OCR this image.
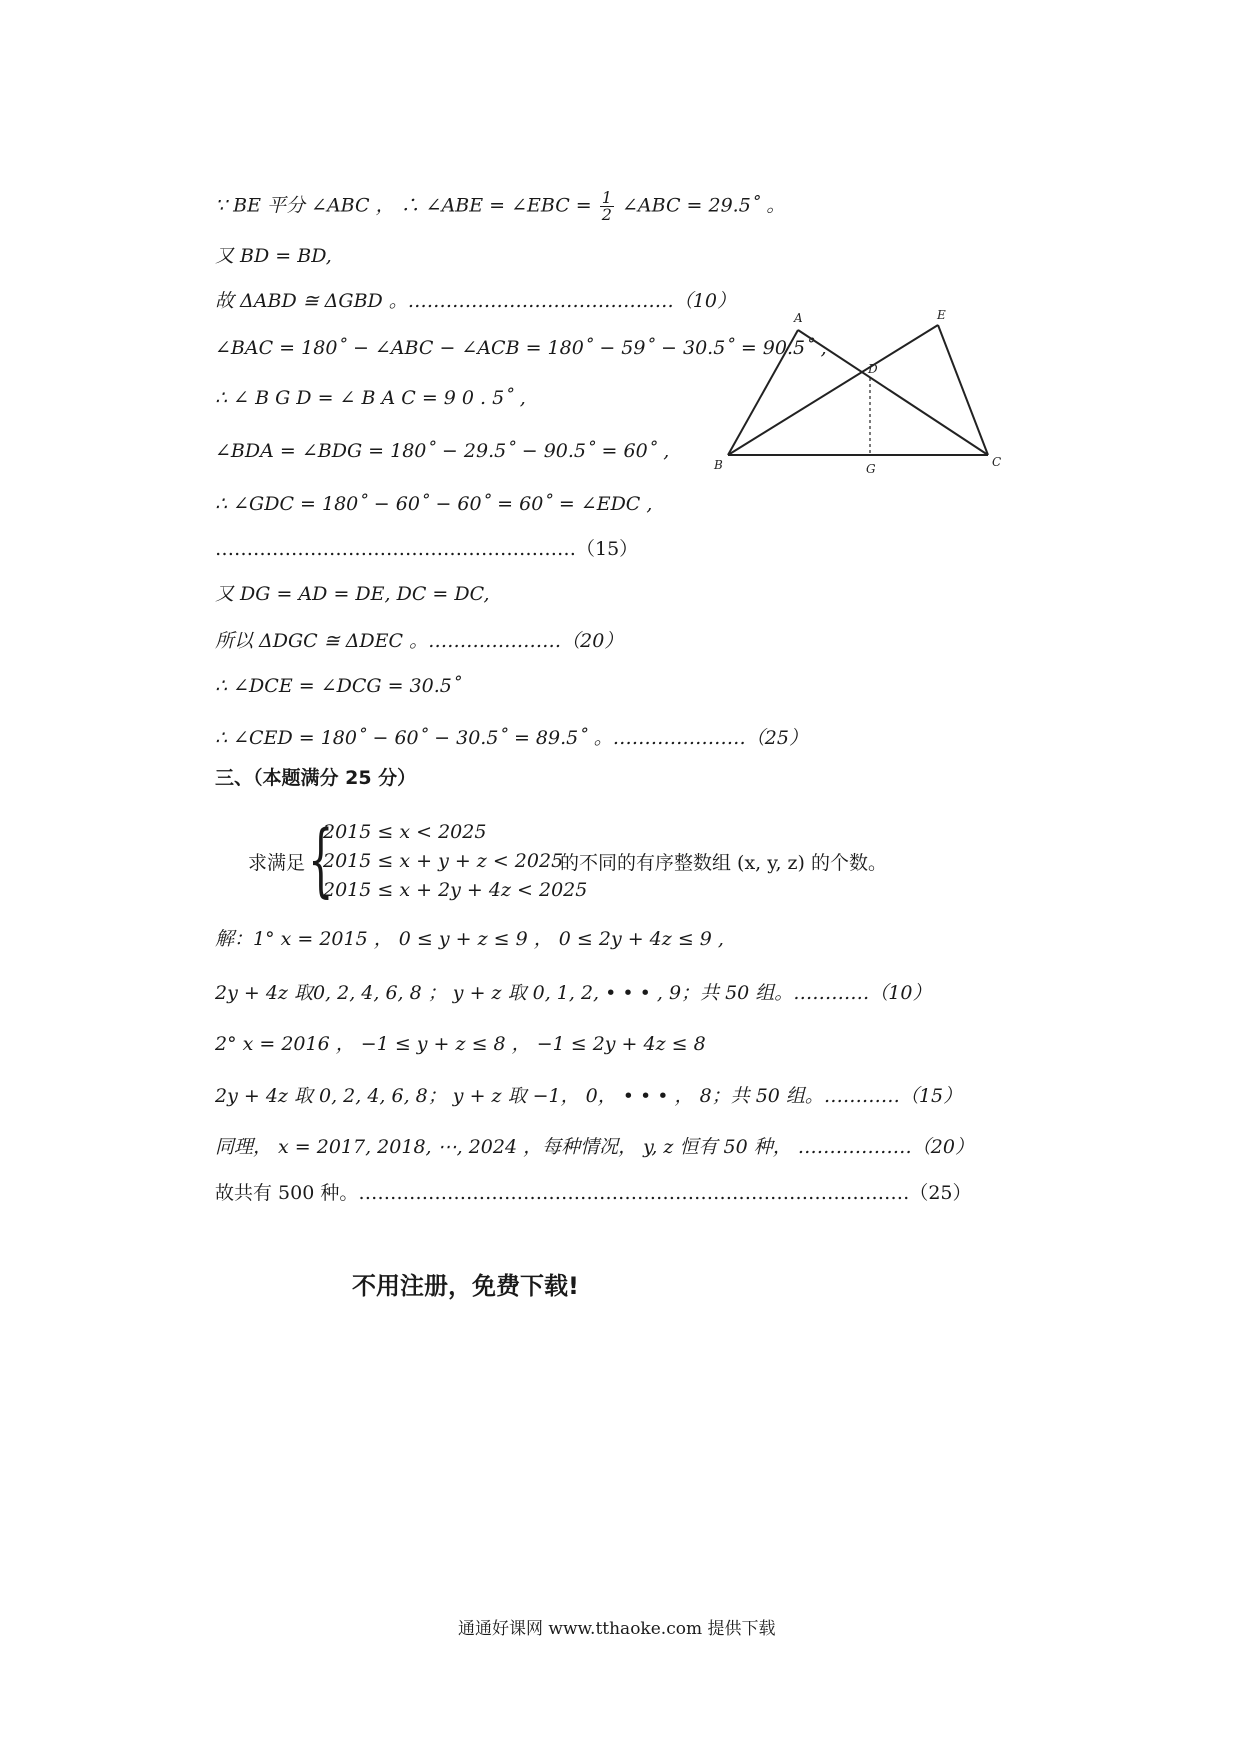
∵ BE 平分 ∠ABC ， ∴ ∠ABE = ∠EBC = $\frac{1}{2}$ ∠ABC = 29.5˚ 。
又 BD = BD,
故 ΔABD ≅ ΔGBD 。……………………………………（10）
∠BAC = 180˚ − ∠ABC − ∠ACB = 180˚ − 59˚ − 30.5˚ = 90.5˚ ,
∴ ∠ B G D = ∠ B A C = 9 0 . 5˚ ,
∠BDA = ∠BDG = 180˚ − 29.5˚ − 90.5˚ = 60˚ ,
∴ ∠GDC = 180˚ − 60˚ − 60˚ = 60˚ = ∠EDC ,
…………………………………………………（15）
又 DG = AD = DE, DC = DC,
所以 ΔDGC ≅ ΔDEC 。…………………（20）
∴ ∠DCE = ∠DCG = 30.5˚
∴ ∠CED = 180˚ − 60˚ − 30.5˚ = 89.5˚ 。…………………（25）
A	E
D
B	G	C
三、（本题满分 25 分）
求满足 {
2015 ≤ x < 2025
2015 ≤ x + y + z < 2025
2015 ≤ x + 2y + 4z < 2025
的不同的有序整数组 (x, y, z) 的个数。
解：1° x = 2015 ， 0 ≤ y + z ≤ 9 ， 0 ≤ 2y + 4z ≤ 9 ,
2y + 4z 取0, 2, 4, 6, 8 ； y + z 取 0, 1, 2, • • • , 9；共 50 组。…………（10）
2° x = 2016 ， −1 ≤ y + z ≤ 8 ， −1 ≤ 2y + 4z ≤ 8
2y + 4z 取 0, 2, 4, 6, 8； y + z 取 −1， 0， • • • ， 8；共 50 组。…………（15）
同理， x = 2017, 2018, ⋯, 2024 ，每种情况， y, z 恒有 50 种， ………………（20）
故共有 500 种。……………………………………………………………………………（25）
不用注册，免费下载!
通通好课网 www.tthaoke.com 提供下载
